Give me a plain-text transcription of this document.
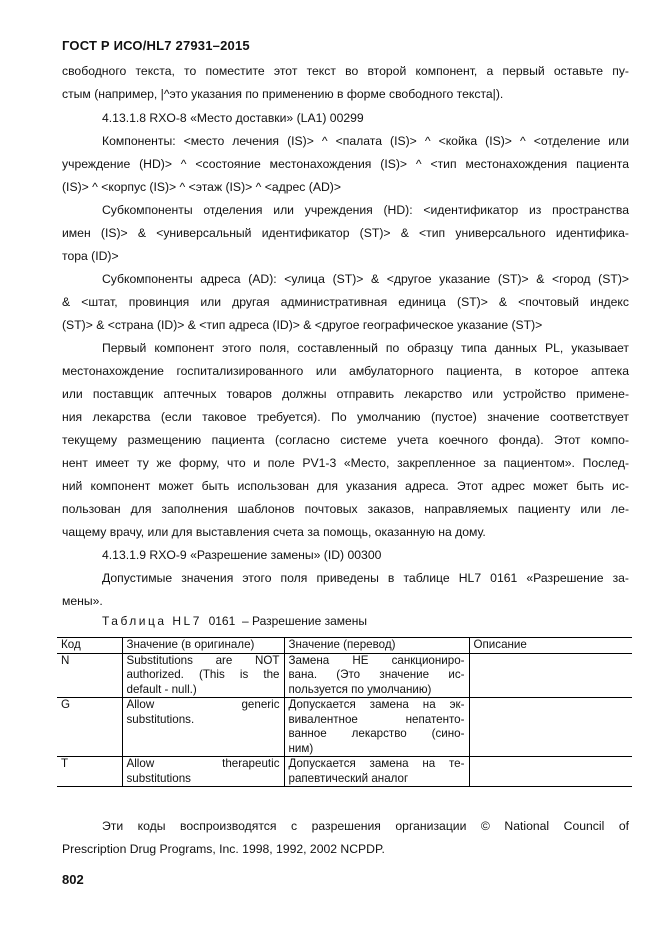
ГОСТ Р ИСО/HL7 27931–2015
свободного текста, то поместите этот текст во второй компонент, а первый оставьте пу-
стым (например, |^это указания по применению в форме свободного текста|).
4.13.1.8 RXO-8 «Место доставки» (LA1) 00299
Компоненты: <место лечения (IS)> ^ <палата (IS)> ^ <койка (IS)> ^ <отделение или
учреждение (HD)> ^ <состояние местонахождения (IS)> ^ <тип местонахождения пациента
(IS)> ^ <корпус (IS)> ^ <этаж (IS)> ^ <адрес (AD)>
Субкомпоненты отделения или учреждения (HD): <идентификатор из пространства
имен (IS)> & <универсальный идентификатор (ST)> & <тип универсального идентифика-
тора (ID)>
Субкомпоненты адреса (AD): <улица (ST)> & <другое указание (ST)> & <город (ST)>
& <штат, провинция или другая административная единица (ST)> & <почтовый индекс
(ST)> & <страна (ID)> & <тип адреса (ID)> & <другое географическое указание (ST)>
Первый компонент этого поля, составленный по образцу типа данных PL, указывает
местонахождение госпитализированного или амбулаторного пациента, в которое аптека
или поставщик аптечных товаров должны отправить лекарство или устройство примене-
ния лекарства (если таковое требуется). По умолчанию (пустое) значение соответствует
текущему размещению пациента (согласно системе учета коечного фонда). Этот компо-
нент имеет ту же форму, что и поле PV1-3 «Место, закрепленное за пациентом». Послед-
ний компонент может быть использован для указания адреса. Этот адрес может быть ис-
пользован для заполнения шаблонов почтовых заказов, направляемых пациенту или ле-
чащему врачу, или для выставления счета за помощь, оказанную на дому.
4.13.1.9 RXO-9 «Разрешение замены» (ID) 00300
Допустимые значения этого поля приведены в таблице HL7 0161 «Разрешение за-
мены».
Таблица HL7 0161 – Разрешение замены
Код	Значение (в оригинале)	Значение (перевод)	Описание
N	Substitutions are NOT
authorized. (This is the
default - null.)	Замена НЕ санкциониро-
вана. (Это значение ис-
пользуется по умолчанию)	

G	Allow generic
substitutions.	Допускается замена на эк-
вивалентное непатенто-
ванное лекарство (сино-
ним)	

T	Allow therapeutic
substitutions	Допускается замена на те-
рапевтический аналог	

Эти коды воспроизводятся с разрешения организации © National Council of
Prescription Drug Programs, Inc. 1998, 1992, 2002 NCPDP.
802
